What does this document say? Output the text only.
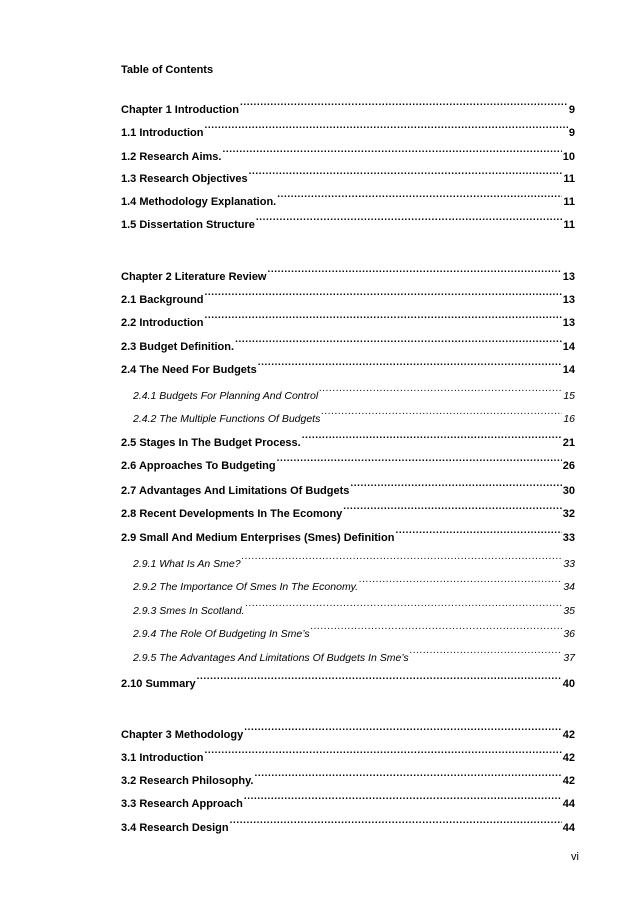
Table of Contents
Chapter 1 Introduction .....	9
1.1 Introduction .....	9
1.2 Research Aims. .....	10
1.3 Research Objectives .....	11
1.4 Methodology Explanation. .....	11
1.5 Dissertation Structure .....	11
Chapter 2 Literature Review .....	13
2.1 Background .....	13
2.2 Introduction .....	13
2.3 Budget Definition. .....	14
2.4 The Need For Budgets .....	14
2.4.1 Budgets For Planning And Control .....	15
2.4.2 The Multiple Functions Of Budgets .....	16
2.5 Stages In The Budget Process. .....	21
2.6 Approaches To Budgeting .....	26
2.7 Advantages And Limitations Of Budgets .....	30
2.8 Recent Developments In The Ecomony .....	32
2.9 Small And Medium Enterprises (Smes) Definition .....	33
2.9.1 What Is An Sme? .....	33
2.9.2 The Importance Of Smes In The Economy. .....	34
2.9.3 Smes In Scotland. .....	35
2.9.4 The Role Of Budgeting In Sme’s .....	36
2.9.5 The Advantages And Limitations Of Budgets In Sme’s .....	37
2.10 Summary .....	40
Chapter 3 Methodology .....	42
3.1 Introduction .....	42
3.2 Research Philosophy. .....	42
3.3 Research Approach .....	44
3.4 Research Design .....	44
vi
